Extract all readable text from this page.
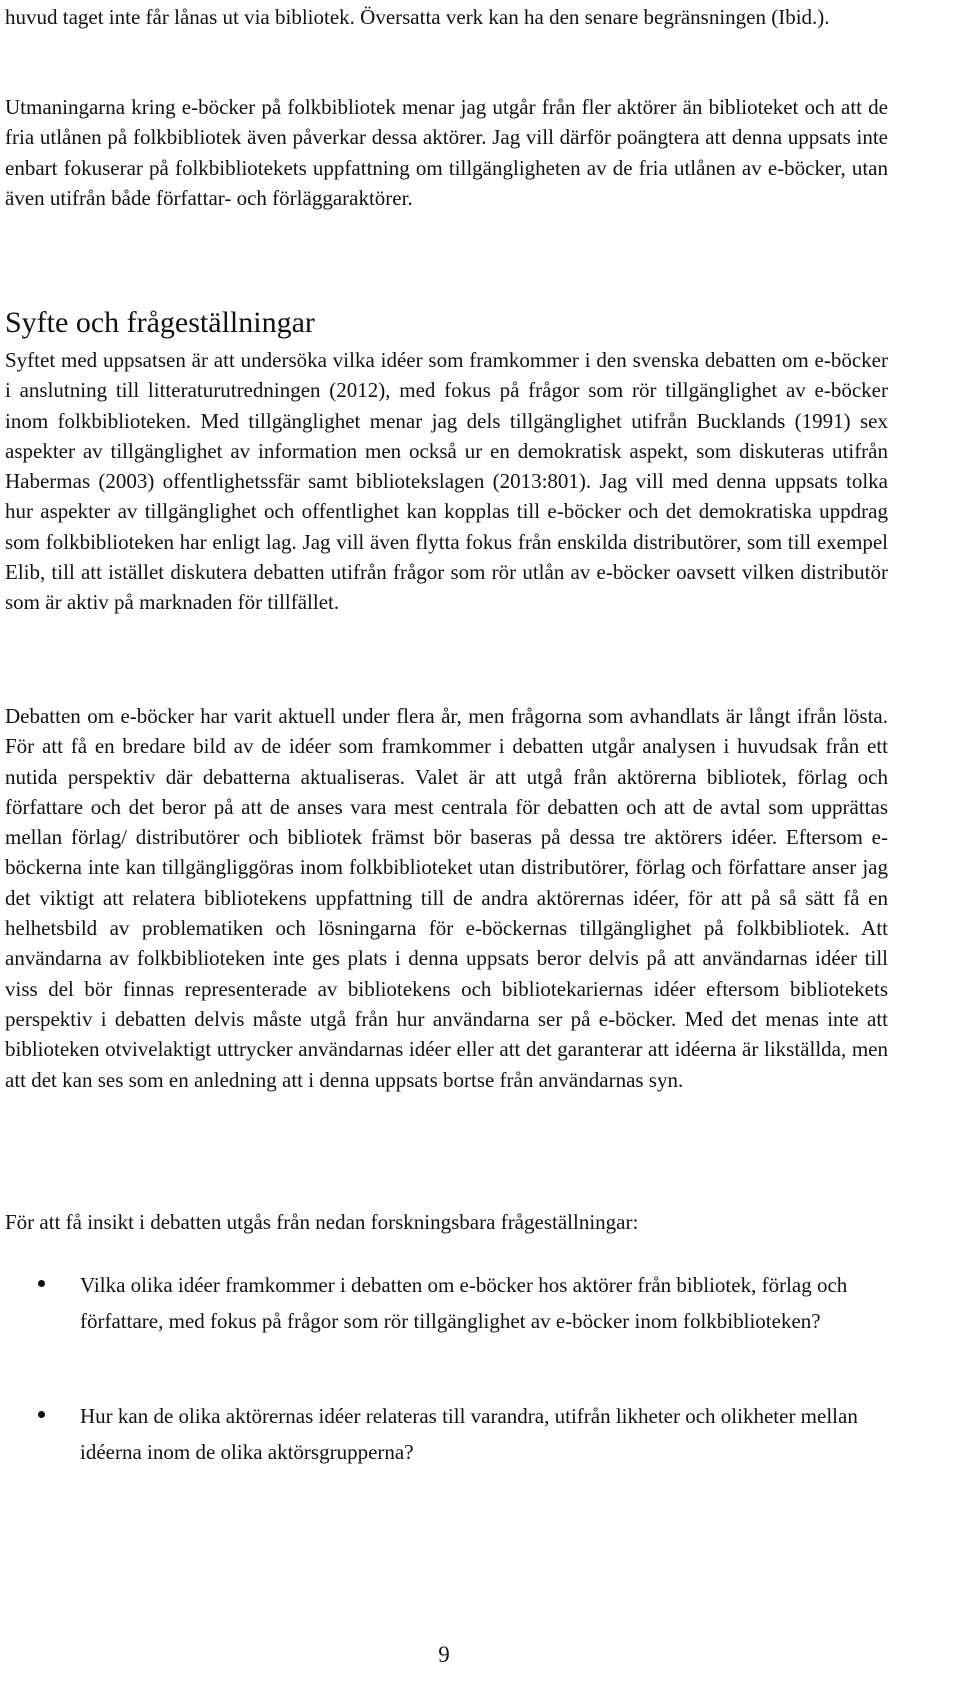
huvud taget inte får lånas ut via bibliotek. Översatta verk kan ha den senare begränsningen (Ibid.).

Utmaningarna kring e-böcker på folkbibliotek menar jag utgår från fler aktörer än biblioteket och att de fria utlånen på folkbibliotek även påverkar dessa aktörer. Jag vill därför poängtera att denna uppsats inte enbart fokuserar på folkbibliotekets uppfattning om tillgängligheten av de fria utlånen av e-böcker, utan även utifrån både författar- och förläggaraktörer.

Syfte och frågeställningar

Syftet med uppsatsen är att undersöka vilka idéer som framkommer i den svenska debatten om e-böcker i anslutning till litteraturutredningen (2012), med fokus på frågor som rör tillgänglighet av e-böcker inom folkbiblioteken. Med tillgänglighet menar jag dels tillgänglighet utifrån Bucklands (1991) sex aspekter av tillgänglighet av information men också ur en demokratisk aspekt, som diskuteras utifrån Habermas (2003) offentlighetssfär samt bibliotekslagen (2013:801). Jag vill med denna uppsats tolka hur aspekter av tillgänglighet och offentlighet kan kopplas till e-böcker och det demokratiska uppdrag som folkbiblioteken har enligt lag. Jag vill även flytta fokus från enskilda distributörer, som till exempel Elib, till att istället diskutera debatten utifrån frågor som rör utlån av e-böcker oavsett vilken distributör som är aktiv på marknaden för tillfället.

Debatten om e-böcker har varit aktuell under flera år, men frågorna som avhandlats är långt ifrån lösta. För att få en bredare bild av de idéer som framkommer i debatten utgår analysen i huvudsak från ett nutida perspektiv där debatterna aktualiseras. Valet är att utgå från aktörerna bibliotek, förlag och författare och det beror på att de anses vara mest centrala för debatten och att de avtal som upprättas mellan förlag/ distributörer och bibliotek främst bör baseras på dessa tre aktörers idéer. Eftersom e-böckerna inte kan tillgängliggöras inom folkbiblioteket utan distributörer, förlag och författare anser jag det viktigt att relatera bibliotekens uppfattning till de andra aktörernas idéer, för att på så sätt få en helhetsbild av problematiken och lösningarna för e-böckernas tillgänglighet på folkbibliotek. Att användarna av folkbiblioteken inte ges plats i denna uppsats beror delvis på att användarnas idéer till viss del bör finnas representerade av bibliotekens och bibliotekariernas idéer eftersom bibliotekets perspektiv i debatten delvis måste utgå från hur användarna ser på e-böcker. Med det menas inte att biblioteken otvivelaktigt uttrycker användarnas idéer eller att det garanterar att idéerna är likställda, men att det kan ses som en anledning att i denna uppsats bortse från användarnas syn.

För att få insikt i debatten utgås från nedan forskningsbara frågeställningar:

Vilka olika idéer framkommer i debatten om e-böcker hos aktörer från bibliotek, förlag och författare, med fokus på frågor som rör tillgänglighet av e-böcker inom folkbiblioteken?

Hur kan de olika aktörernas idéer relateras till varandra, utifrån likheter och olikheter mellan idéerna inom de olika aktörsgrupperna?

9
